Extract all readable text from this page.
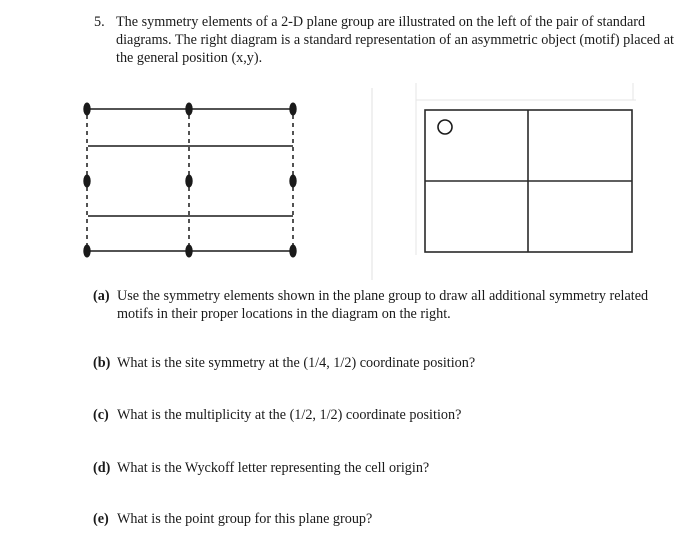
5. The symmetry elements of a 2-D plane group are illustrated on the left of the pair of standard diagrams. The right diagram is a standard representation of an asymmetric object (motif) placed at the general position (x,y).
(a) Use the symmetry elements shown in the plane group to draw all additional symmetry related motifs in their proper locations in the diagram on the right.
(b) What is the site symmetry at the (1/4, 1/2) coordinate position?
(c) What is the multiplicity at the (1/2, 1/2) coordinate position?
(d) What is the Wyckoff letter representing the cell origin?
(e) What is the point group for this plane group?
